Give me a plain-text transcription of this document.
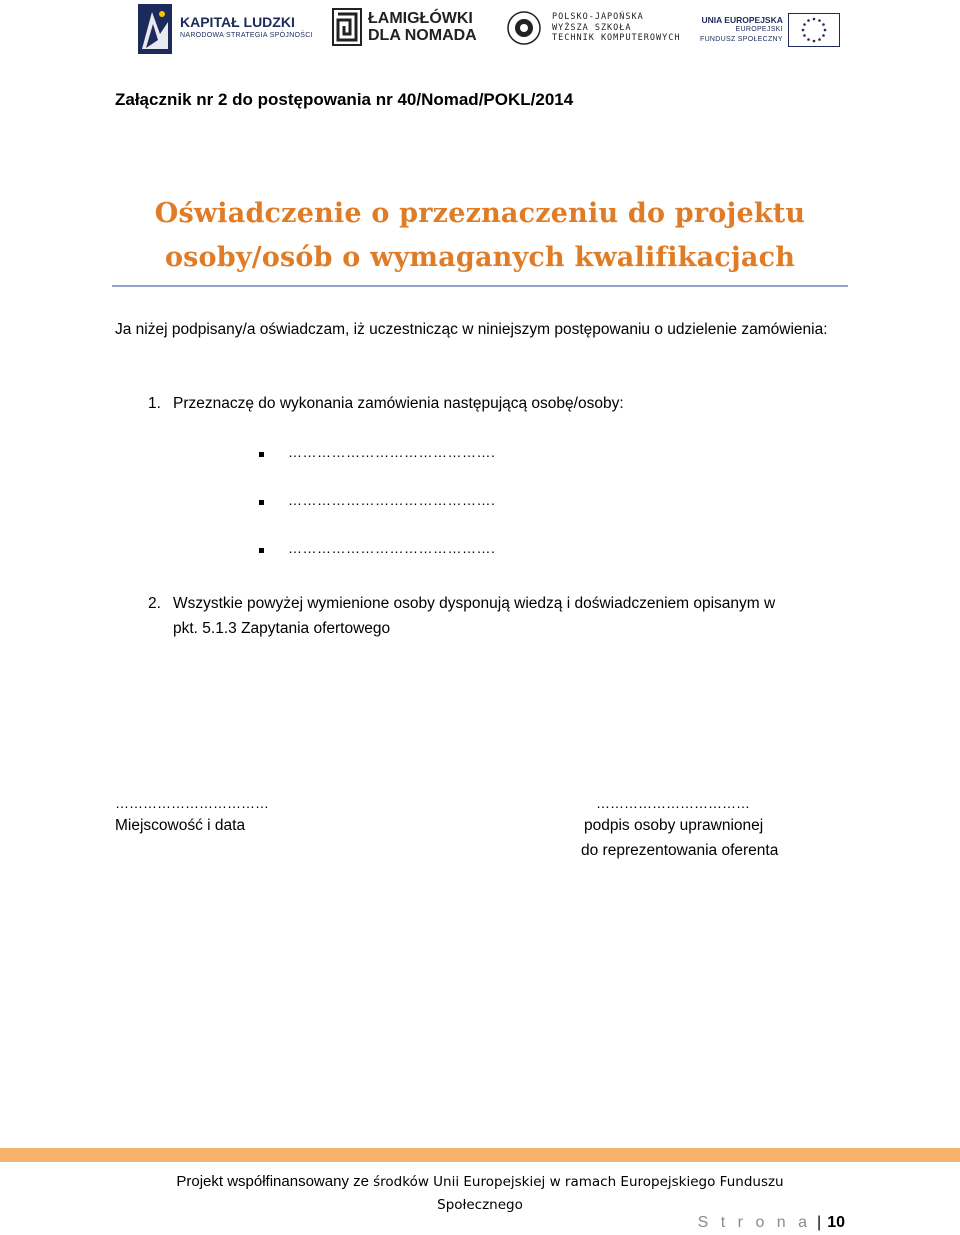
KAPITAŁ LUDZKI
NARODOWA STRATEGIA SPÓJNOŚCI
ŁAMIGŁÓWKI
DLA NOMADA
POLSKO-JAPOŃSKA
WYŻSZA SZKOŁA
TECHNIK KOMPUTEROWYCH
UNIA EUROPEJSKA
EUROPEJSKI
FUNDUSZ SPOŁECZNY
Załącznik nr 2 do postępowania nr 40/Nomad/POKL/2014
Oświadczenie o przeznaczeniu do projektu
osoby/osób o wymaganych kwalifikacjach
Ja niżej podpisany/a oświadczam, iż uczestnicząc w niniejszym postępowaniu o udzielenie zamówienia:
1. Przeznaczę do wykonania zamówienia następującą osobę/osoby:
…………………………………….
…………………………………….
…………………………………….
2. Wszystkie powyżej wymienione osoby dysponują wiedzą i doświadczeniem opisanym w
pkt. 5.1.3 Zapytania ofertowego
……………………………	……………………………
Miejscowość i data	podpis osoby uprawnionej
do reprezentowania oferenta
Projekt współfinansowany ze środków Unii Europejskiej w ramach Europejskiego Funduszu
Społecznego
S t r o n a | 10
